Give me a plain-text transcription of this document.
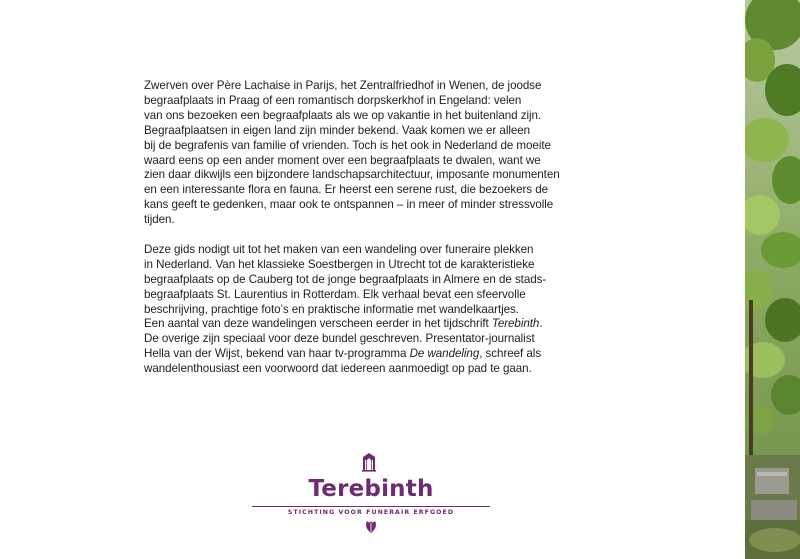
Zwerven over Père Lachaise in Parijs, het Zentralfriedhof in Wenen, de joodse
begraafplaats in Praag of een romantisch dorpskerkhof in Engeland: velen
van ons bezoeken een begraafplaats als we op vakantie in het buitenland zijn.
Begraafplaatsen in eigen land zijn minder bekend. Vaak komen we er alleen
bij de begrafenis van familie of vrienden. Toch is het ook in Nederland de moeite
waard eens op een ander moment over een begraafplaats te dwalen, want we
zien daar dikwijls een bijzondere landschapsarchitectuur, imposante monumenten
en een interessante flora en fauna. Er heerst een serene rust, die bezoekers de
kans geeft te gedenken, maar ook te ontspannen – in meer of minder stressvolle
tijden.
Deze gids nodigt uit tot het maken van een wandeling over funeraire plekken
in Nederland. Van het klassieke Soestbergen in Utrecht tot de karakteristieke
begraafplaats op de Cauberg tot de jonge begraafplaats in Almere en de stads-
begraafplaats St. Laurentius in Rotterdam. Elk verhaal bevat een sfeervolle
beschrijving, prachtige foto’s en praktische informatie met wandelkaartjes.
Een aantal van deze wandelingen verscheen eerder in het tijdschrift Terebinth.
De overige zijn speciaal voor deze bundel geschreven. Presentator-journalist
Hella van der Wijst, bekend van haar tv-programma De wandeling, schreef als
wandelenthousiast een voorwoord dat iedereen aanmoedigt op pad te gaan.
Terebinth
STICHTING VOOR FUNERAIR ERFGOED
